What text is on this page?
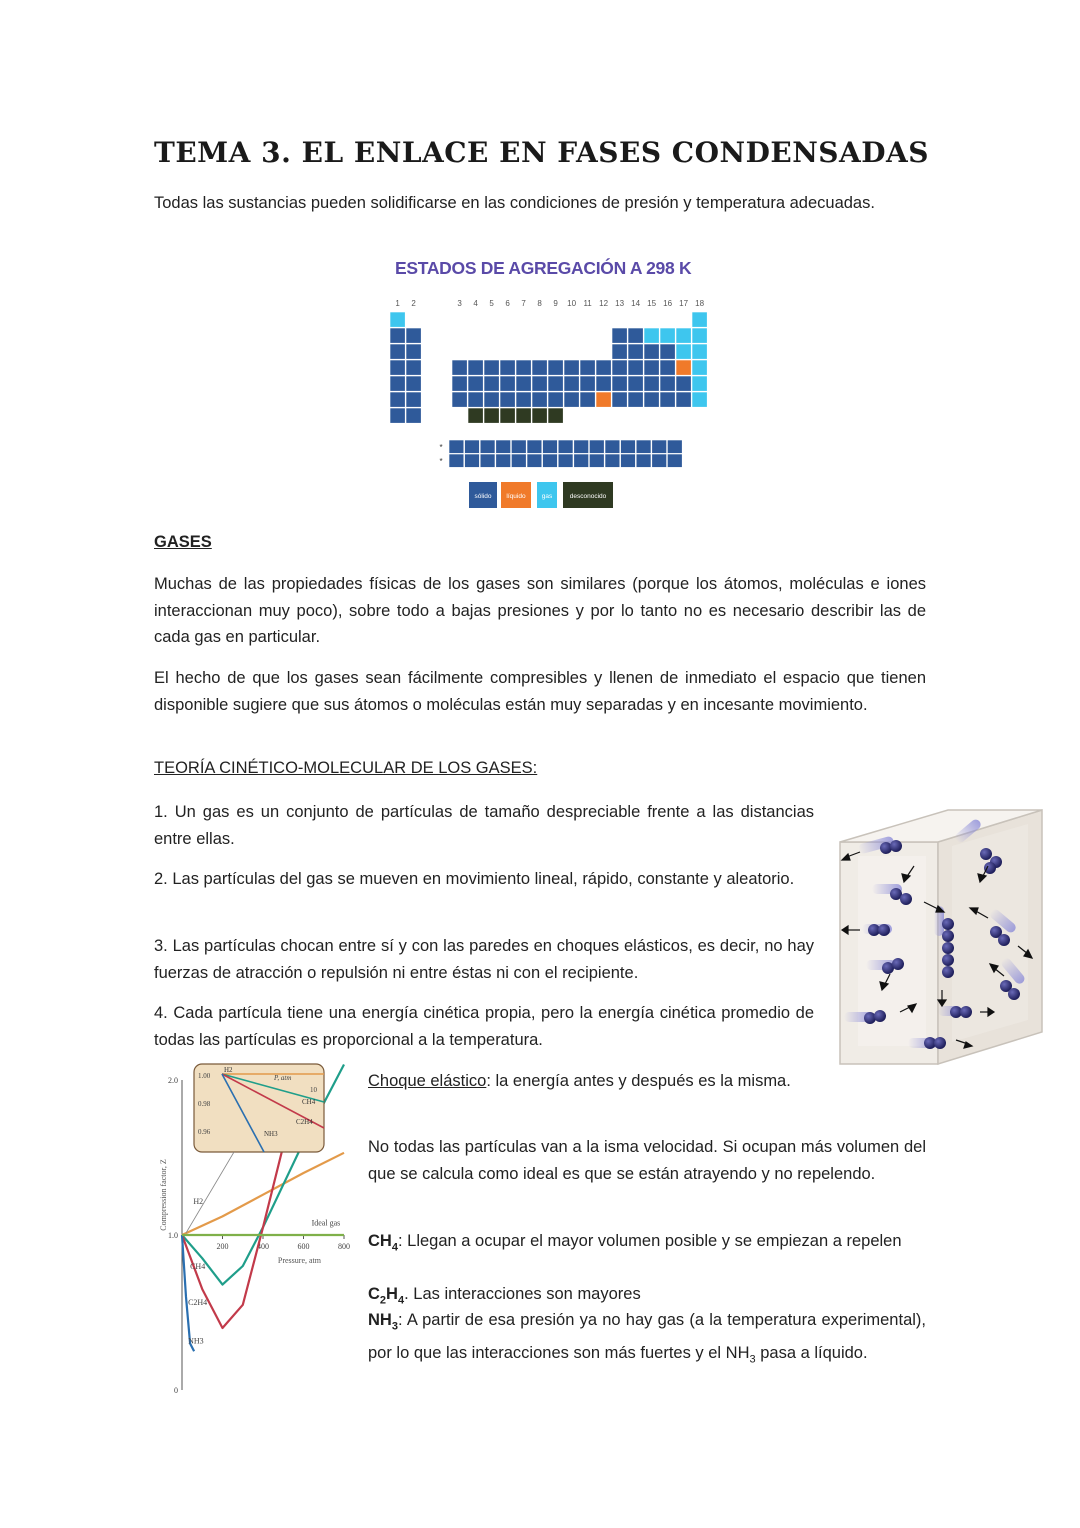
TEMA 3. EL ENLACE EN FASES CONDENSADAS

Todas las sustancias pueden solidificarse en las condiciones de presión y temperatura adecuadas.

ESTADOS DE AGREGACIÓN A 298 K
1 2	3 4 5 6 7 8 9 10 11 12 13 14 15 16 17 18
*
*
sólido líquido gas	desconocido
GASES

Muchas de las propiedades físicas de los gases son similares (porque los átomos, moléculas e iones interaccionan muy poco), sobre todo a bajas presiones y por lo tanto no es necesario describir las de cada gas en particular.

El hecho de que los gases sean fácilmente compresibles y llenen de inmediato el espacio que tienen disponible sugiere que sus átomos o moléculas están muy separadas y en incesante movimiento.

TEORÍA CINÉTICO-MOLECULAR DE LOS GASES:

1. Un gas es un conjunto de partículas de tamaño despreciable frente a las distancias entre ellas.

2. Las partículas del gas se mueven en movimiento lineal, rápido, constante y aleatorio.

3. Las partículas chocan entre sí y con las paredes en choques elásticos, es decir, no hay fuerzas de atracción o repulsión ni entre éstas ni con el recipiente.

4. Cada partícula tiene una energía cinética propia, pero la energía cinética promedio de todas las partículas es proporcional a la temperatura.

0
1.0
2.0
200	400	600	800
Pressure, atm
Compression factor, Z	H2
CH4
C2H4
NH3
Ideal gas
1.00
0.98
0.96
P, atm
10
H2
CH4
C2H4
NH3

Choque elástico: la energía antes y después es la misma.

No todas las partículas van a la isma velocidad. Si ocupan más volumen del que se calcula como ideal es que se están atrayendo y no repelendo.

$CH_4$: Llegan a ocupar el mayor volumen posible y se empiezan a repelen

$C_2H_4$. Las interacciones son mayores

$NH_3$: A partir de esa presión ya no hay gas (a la temperatura experimental), por lo que las interacciones son más fuertes y el $NH_3$ pasa a líquido.
